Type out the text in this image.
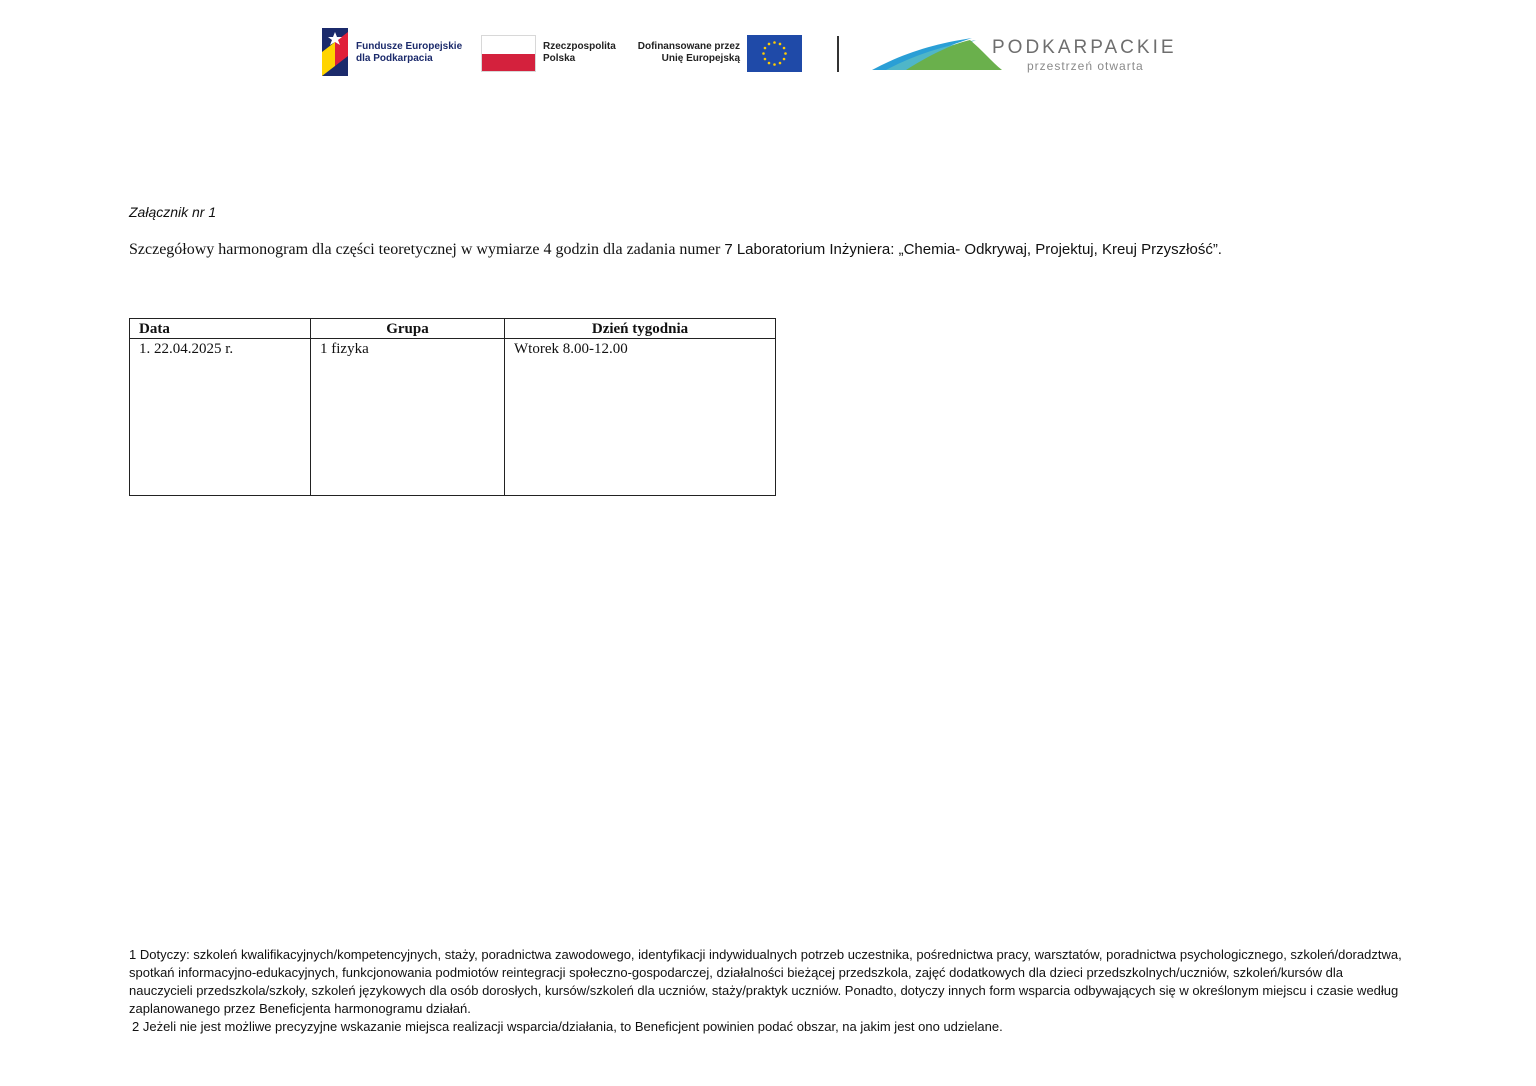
Fundusze Europejskie
dla Podkarpacia
Rzeczpospolita
Polska
Dofinansowane przez
Unię Europejską
PODKARPACKIE
przestrzeń otwarta
Załącznik nr 1
Szczegółowy harmonogram dla części teoretycznej w wymiarze 4 godzin dla zadania numer 7 Laboratorium Inżyniera: „Chemia- Odkrywaj, Projektuj, Kreuj Przyszłość”.
Data	Grupa	Dzień tygodnia
1. 22.04.2025 r.	1 fizyka	Wtorek 8.00-12.00
1 Dotyczy: szkoleń kwalifikacyjnych/kompetencyjnych, staży, poradnictwa zawodowego, identyfikacji indywidualnych potrzeb uczestnika, pośrednictwa pracy, warsztatów, poradnictwa psychologicznego, szkoleń/doradztwa, spotkań informacyjno-edukacyjnych, funkcjonowania podmiotów reintegracji społeczno-gospodarczej, działalności bieżącej przedszkola, zajęć dodatkowych dla dzieci przedszkolnych/uczniów, szkoleń/kursów dla nauczycieli przedszkola/szkoły, szkoleń językowych dla osób dorosłych, kursów/szkoleń dla uczniów, staży/praktyk uczniów. Ponadto, dotyczy innych form wsparcia odbywających się w określonym miejscu i czasie według zaplanowanego przez Beneficjenta harmonogramu działań.
2 Jeżeli nie jest możliwe precyzyjne wskazanie miejsca realizacji wsparcia/działania, to Beneficjent powinien podać obszar, na jakim jest ono udzielane.
